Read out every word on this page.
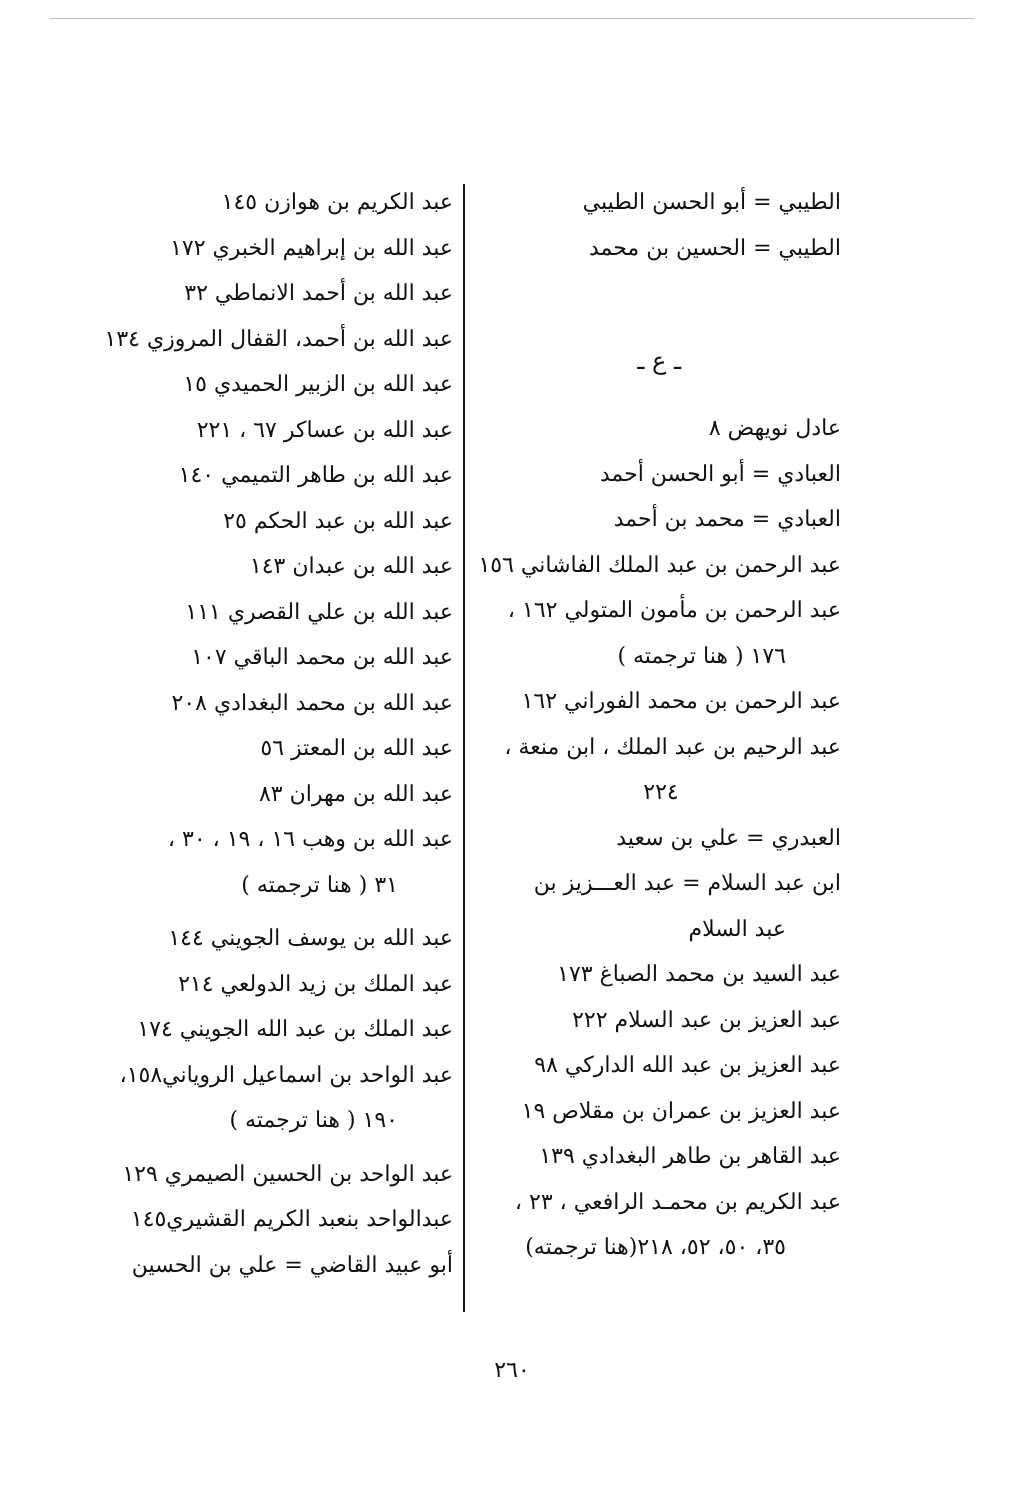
الطيبي = أبو الحسن الطيبي
الطيبي = الحسين بن محمد
ـ ع ـ
عادل نويهض ٨
العبادي = أبو الحسن أحمد
العبادي = محمد بن أحمد
عبد الرحمن بن عبد الملك الفاشاني ١٥٦
عبد الرحمن بن مأمون المتولي ١٦٢ ،
١٧٦ ( هنا ترجمته )
عبد الرحمن بن محمد الفوراني ١٦٢
عبد الرحيم بن عبد الملك ، ابن منعة ،
٢٢٤
العبدري = علي بن سعيد
ابن عبد السلام = عبد العـــزيز بن
عبد السلام
عبد السيد بن محمد الصباغ ١٧٣
عبد العزيز بن عبد السلام ٢٢٢
عبد العزيز بن عبد الله الداركي ٩٨
عبد العزيز بن عمران بن مقلاص ١٩
عبد القاهر بن طاهر البغدادي ١٣٩
عبد الكريم بن محمـد الرافعي ، ٢٣ ،
٣٥، ٥٠، ٥٢، ٢١٨(هنا ترجمته)
عبد الكريم بن هوازن ١٤٥
عبد الله بن إبراهيم الخبري ١٧٢
عبد الله بن أحمد الانماطي ٣٢
عبد الله بن أحمد، القفال المروزي ١٣٤
عبد الله بن الزبير الحميدي ١٥
عبد الله بن عساكر ٦٧ ، ٢٢١
عبد الله بن طاهر التميمي ١٤٠
عبد الله بن عبد الحكم ٢٥
عبد الله بن عبدان ١٤٣
عبد الله بن علي القصري ١١١
عبد الله بن محمد الباقي ١٠٧
عبد الله بن محمد البغدادي ٢٠٨
عبد الله بن المعتز ٥٦
عبد الله بن مهران ٨٣
عبد الله بن وهب ١٦ ، ١٩ ، ٣٠ ،
٣١ ( هنا ترجمته )
عبد الله بن يوسف الجويني ١٤٤
عبد الملك بن زيد الدولعي ٢١٤
عبد الملك بن عبد الله الجويني ١٧٤
عبد الواحد بن اسماعيل الروياني١٥٨،
١٩٠ ( هنا ترجمته )
عبد الواحد بن الحسين الصيمري ١٢٩
عبدالواحد بنعبد الكريم القشيري١٤٥
أبو عبيد القاضي = علي بن الحسين
٢٦٠
